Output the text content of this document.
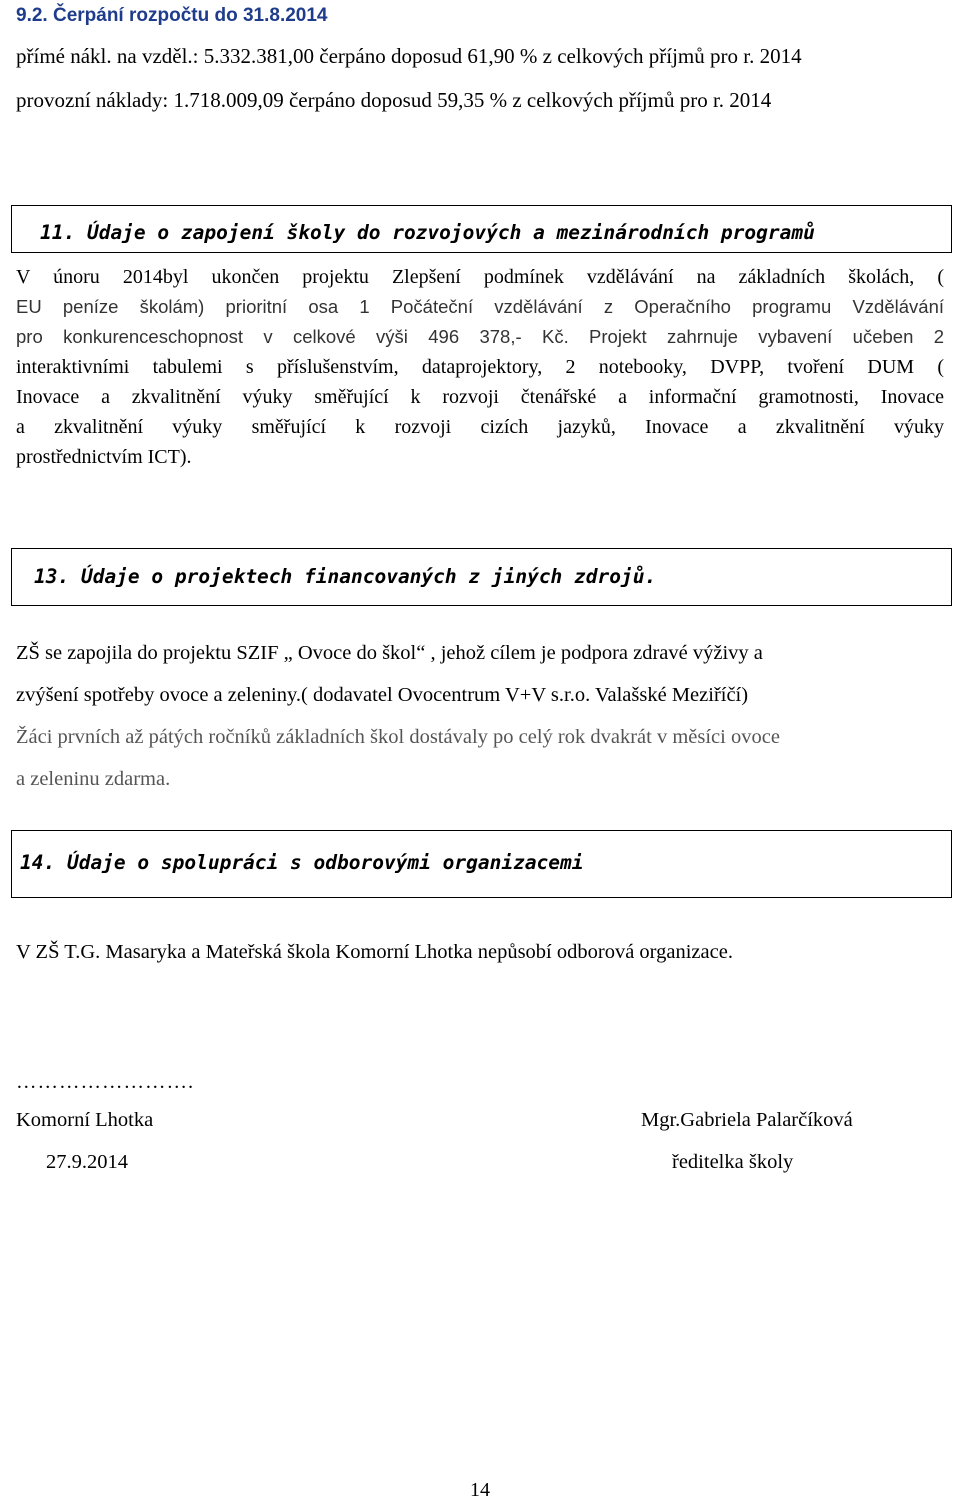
9.2. Čerpání rozpočtu do 31.8.2014
přímé nákl. na vzděl.: 5.332.381,00 čerpáno doposud 61,90 % z celkových příjmů pro r. 2014
provozní náklady: 1.718.009,09 čerpáno doposud 59,35 % z celkových příjmů pro r. 2014
11. Údaje o zapojení školy do rozvojových a mezinárodních programů
V únoru 2014byl ukončen projektu Zlepšení podmínek vzdělávání na základních školách, (
EU peníze školám) prioritní osa 1 Počáteční vzdělávání z Operačního programu Vzdělávání
pro konkurenceschopnost v celkové výši 496 378,- Kč. Projekt zahrnuje vybavení učeben 2
interaktivními tabulemi s příslušenstvím, dataprojektory, 2 notebooky, DVPP, tvoření DUM (
Inovace a zkvalitnění výuky směřující k rozvoji čtenářské a informační gramotnosti, Inovace
a zkvalitnění výuky směřující k rozvoji cizích jazyků, Inovace a zkvalitnění výuky
prostřednictvím ICT).
13. Údaje o projektech financovaných z jiných zdrojů.
ZŠ se zapojila do projektu SZIF „ Ovoce do škol“ , jehož cílem je podpora zdravé výživy a
zvýšení spotřeby ovoce a zeleniny.( dodavatel Ovocentrum V+V s.r.o. Valašské Meziříčí)
Žáci prvních až pátých ročníků základních škol dostávaly po celý rok dvakrát v měsíci ovoce
a zeleninu zdarma.
14. Údaje o spolupráci s odborovými organizacemi
V ZŠ T.G. Masaryka a Mateřská škola Komorní Lhotka nepůsobí odborová organizace.
…………………….
Komorní Lhotka
27.9.2014
Mgr.Gabriela Palarčíková
ředitelka školy
14
